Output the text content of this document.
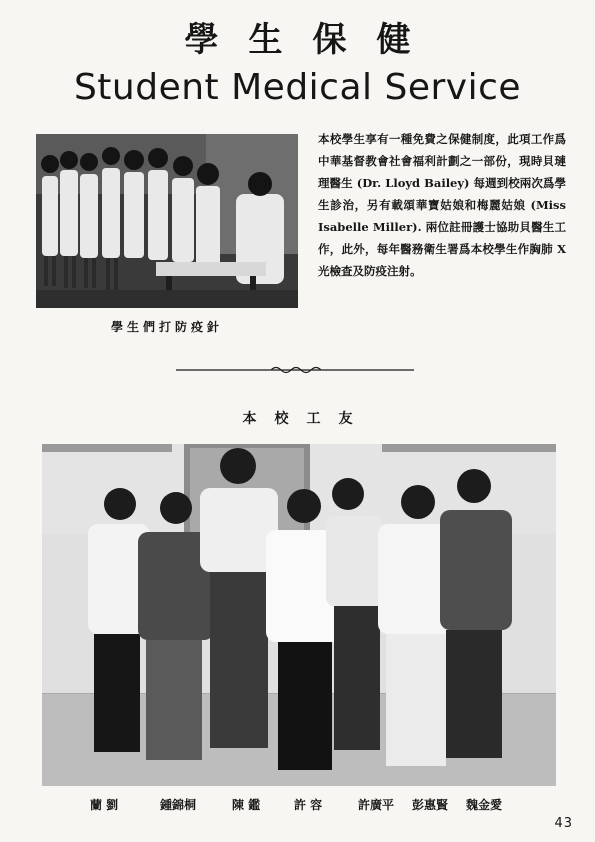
學生保健
Student Medical Service
學生們打防疫針
本校學生享有一種免費之保健制度，此項工作爲中華基督教會社會福利計劃之一部份，現時貝璉理醫生 (Dr. Lloyd Bailey) 每週到校兩次爲學生診治，另有載頌華寶姑娘和梅麗姑娘 (Miss Isabelle Miller). 兩位註冊護士協助貝醫生工作，此外，每年醫務衛生署爲本校學生作胸肺 X 光檢查及防疫注射。
本校工友
蘭 劉	鍾錦桐	陳 鑑	許 容	許廣平 彭惠賢 魏金愛
43
